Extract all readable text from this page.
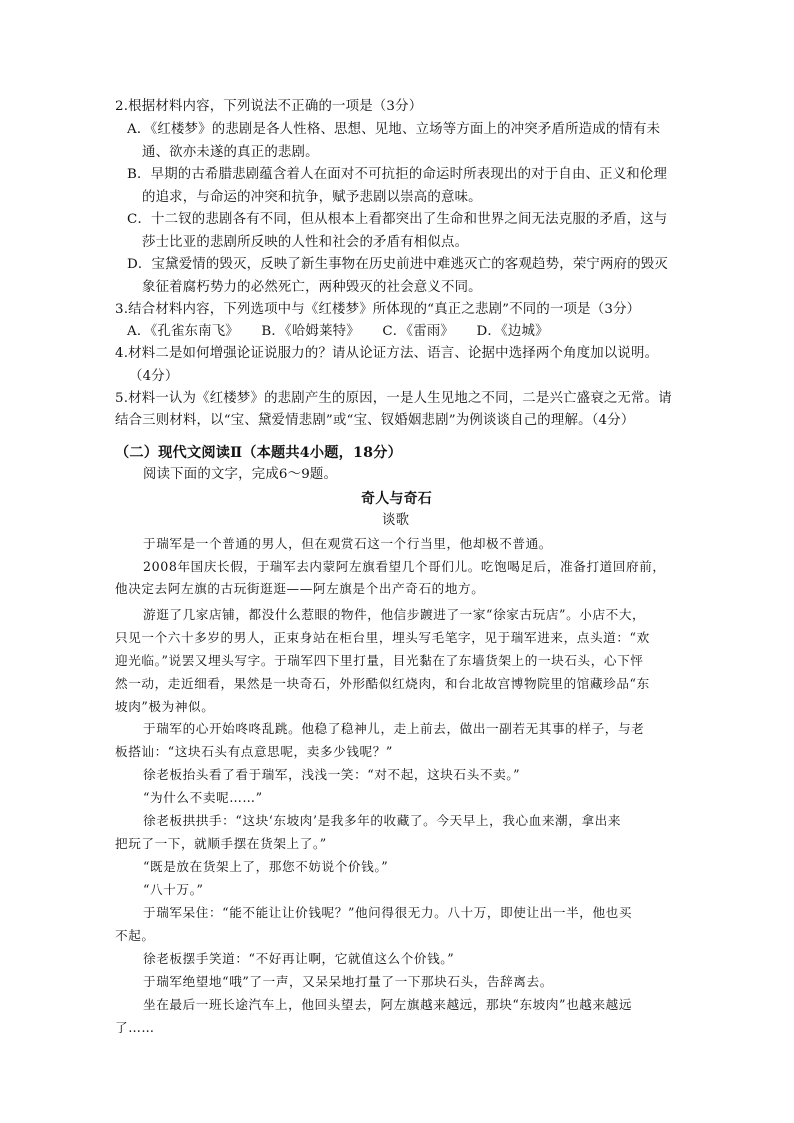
2.根据材料内容，下列说法不正确的一项是（3分）
A．《红楼梦》的悲剧是各人性格、思想、见地、立场等方面上的冲突矛盾所造成的情有未
通、欲亦未遂的真正的悲剧。
B．早期的古希腊悲剧蕴含着人在面对不可抗拒的命运时所表现出的对于自由、正义和伦理
的追求，与命运的冲突和抗争，赋予悲剧以崇高的意味。
C．十二钗的悲剧各有不同，但从根本上看都突出了生命和世界之间无法克服的矛盾，这与
莎士比亚的悲剧所反映的人性和社会的矛盾有相似点。
D．宝黛爱情的毁灭，反映了新生事物在历史前进中难逃灭亡的客观趋势，荣宁两府的毁灭
象征着腐朽势力的必然死亡，两种毁灭的社会意义不同。
3.结合材料内容，下列选项中与《红楼梦》所体现的“真正之悲剧”不同的一项是（3分）
A．《孔雀东南飞》 B．《哈姆莱特》 C．《雷雨》 D．《边城》
4.材料二是如何增强论证说服力的？请从论证方法、语言、论据中选择两个角度加以说明。
（4分）
5.材料一认为《红楼梦》的悲剧产生的原因，一是人生见地之不同，二是兴亡盛衰之无常。请
结合三则材料，以“宝、黛爱情悲剧”或“宝、钗婚姻悲剧”为例谈谈自己的理解。（4分）
（二）现代文阅读Ⅱ（本题共4小题，18分）
阅读下面的文字，完成6～9题。
奇人与奇石
谈歌
于瑞军是一个普通的男人，但在观赏石这一个行当里，他却极不普通。
2008年国庆长假，于瑞军去内蒙阿左旗看望几个哥们儿。吃饱喝足后，准备打道回府前，
他决定去阿左旗的古玩街逛逛——阿左旗是个出产奇石的地方。
游逛了几家店铺，都没什么惹眼的物件，他信步踱进了一家“徐家古玩店”。小店不大，
只见一个六十多岁的男人，正束身站在柜台里，埋头写毛笔字，见于瑞军进来，点头道：“欢
迎光临。”说罢又埋头写字。于瑞军四下里打量，目光黏在了东墙货架上的一块石头，心下怦
然一动，走近细看，果然是一块奇石，外形酷似红烧肉，和台北故宫博物院里的馆藏珍品“东
坡肉”极为神似。
于瑞军的心开始咚咚乱跳。他稳了稳神儿，走上前去，做出一副若无其事的样子，与老
板搭讪：“这块石头有点意思呢，卖多少钱呢？”
徐老板抬头看了看于瑞军，浅浅一笑：“对不起，这块石头不卖。”
“为什么不卖呢……”
徐老板拱拱手：“这块‘东坡肉’是我多年的收藏了。今天早上，我心血来潮，拿出来
把玩了一下，就顺手摆在货架上了。”
“既是放在货架上了，那您不妨说个价钱。”
“八十万。”
于瑞军呆住：“能不能让让价钱呢？”他问得很无力。八十万，即使让出一半，他也买
不起。
徐老板摆手笑道：“不好再让啊，它就值这么个价钱。”
于瑞军绝望地“哦”了一声，又呆呆地打量了一下那块石头，告辞离去。
坐在最后一班长途汽车上，他回头望去，阿左旗越来越远，那块“东坡肉”也越来越远
了……
